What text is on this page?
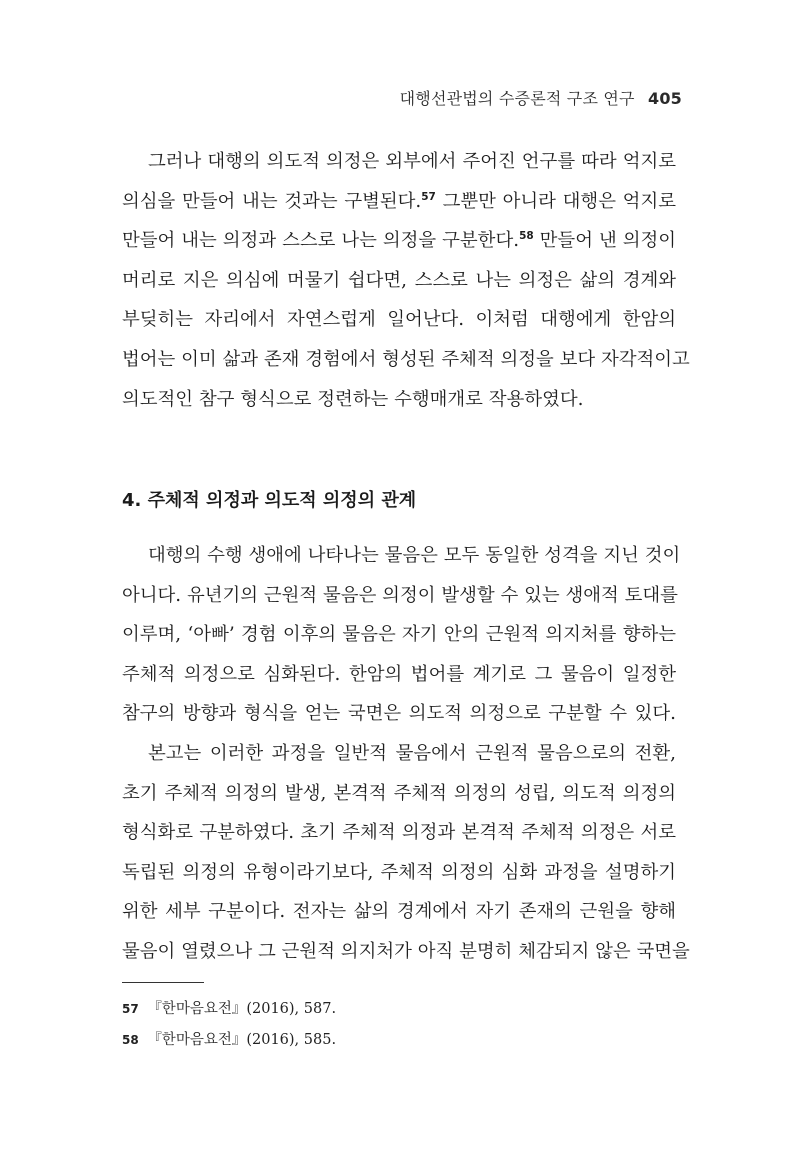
대행선관법의 수증론적 구조 연구 405
그러나 대행의 의도적 의정은 외부에서 주어진 언구를 따라 억지로
의심을 만들어 내는 것과는 구별된다.$^{57}$ 그뿐만 아니라 대행은 억지로
만들어 내는 의정과 스스로 나는 의정을 구분한다.$^{58}$ 만들어 낸 의정이
머리로 지은 의심에 머물기 쉽다면, 스스로 나는 의정은 삶의 경계와
부딪히는 자리에서 자연스럽게 일어난다. 이처럼 대행에게 한암의
법어는 이미 삶과 존재 경험에서 형성된 주체적 의정을 보다 자각적이고
의도적인 참구 형식으로 정련하는 수행매개로 작용하였다.
4. 주체적 의정과 의도적 의정의 관계
대행의 수행 생애에 나타나는 물음은 모두 동일한 성격을 지닌 것이
아니다. 유년기의 근원적 물음은 의정이 발생할 수 있는 생애적 토대를
이루며, ‘아빠’ 경험 이후의 물음은 자기 안의 근원적 의지처를 향하는
주체적 의정으로 심화된다. 한암의 법어를 계기로 그 물음이 일정한
참구의 방향과 형식을 얻는 국면은 의도적 의정으로 구분할 수 있다.
본고는 이러한 과정을 일반적 물음에서 근원적 물음으로의 전환,
초기 주체적 의정의 발생, 본격적 주체적 의정의 성립, 의도적 의정의
형식화로 구분하였다. 초기 주체적 의정과 본격적 주체적 의정은 서로
독립된 의정의 유형이라기보다, 주체적 의정의 심화 과정을 설명하기
위한 세부 구분이다. 전자는 삶의 경계에서 자기 존재의 근원을 향해
물음이 열렸으나 그 근원적 의지처가 아직 분명히 체감되지 않은 국면을
57 『한마음요전』(2016), 587.
58 『한마음요전』(2016), 585.
